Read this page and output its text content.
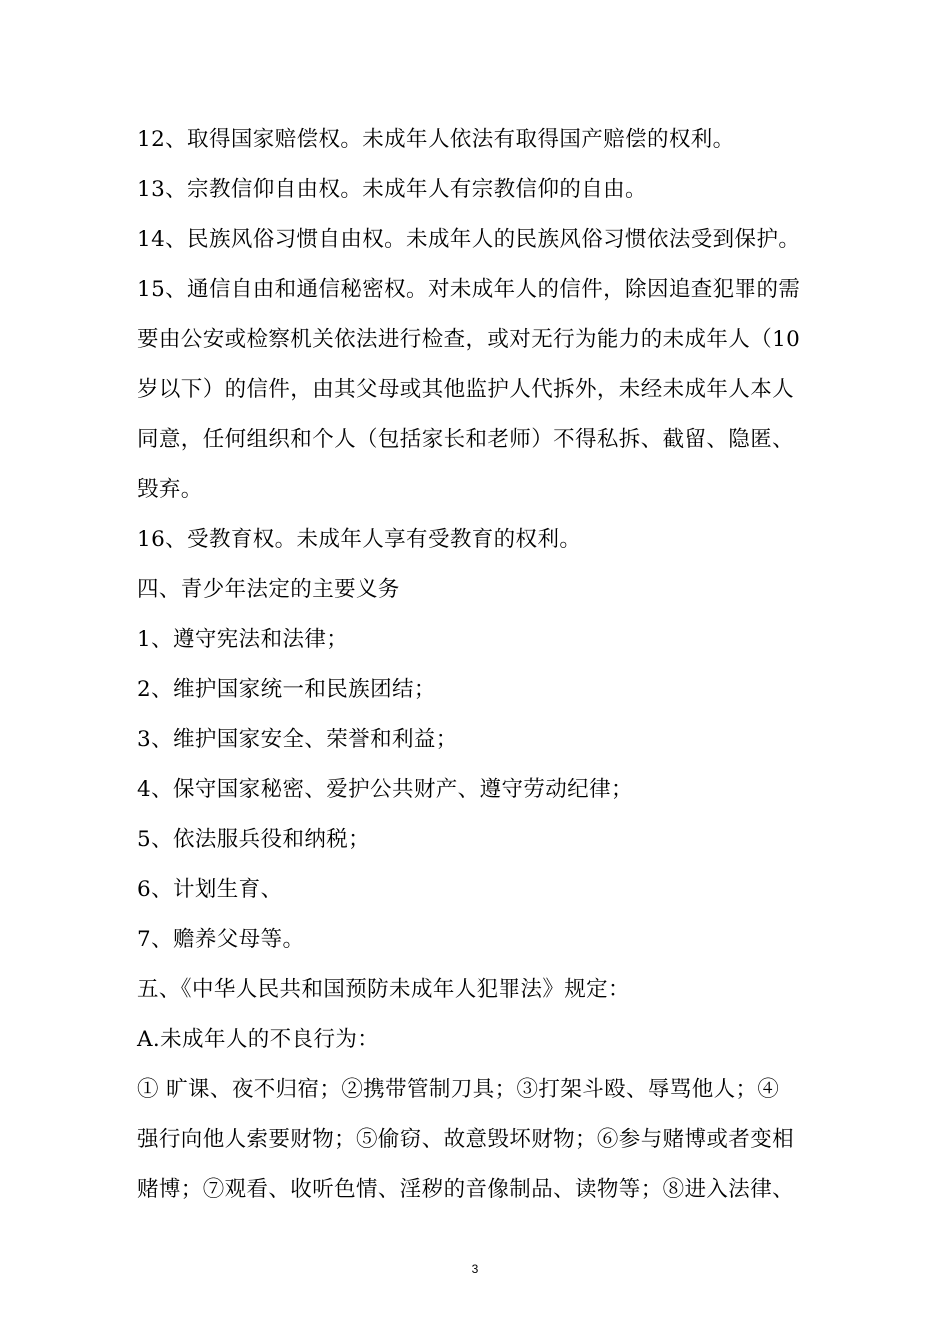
12、取得国家赔偿权。未成年人依法有取得国产赔偿的权利。
13、宗教信仰自由权。未成年人有宗教信仰的自由。
14、民族风俗习惯自由权。未成年人的民族风俗习惯依法受到保护。
15、通信自由和通信秘密权。对未成年人的信件，除因追查犯罪的需
要由公安或检察机关依法进行检查，或对无行为能力的未成年人（10
岁以下）的信件，由其父母或其他监护人代拆外，未经未成年人本人
同意，任何组织和个人（包括家长和老师）不得私拆、截留、隐匿、
毁弃。
16、受教育权。未成年人享有受教育的权利。
四、青少年法定的主要义务
1、遵守宪法和法律；
2、维护国家统一和民族团结；
3、维护国家安全、荣誉和利益；
4、保守国家秘密、爱护公共财产、遵守劳动纪律；
5、依法服兵役和纳税；
6、计划生育、
7、赡养父母等。
五、《中华人民共和国预防未成年人犯罪法》规定：
A.未成年人的不良行为：
① 旷课、夜不归宿；②携带管制刀具；③打架斗殴、辱骂他人；④
强行向他人索要财物；⑤偷窃、故意毁坏财物；⑥参与赌博或者变相
赌博；⑦观看、收听色情、淫秽的音像制品、读物等；⑧进入法律、
3
